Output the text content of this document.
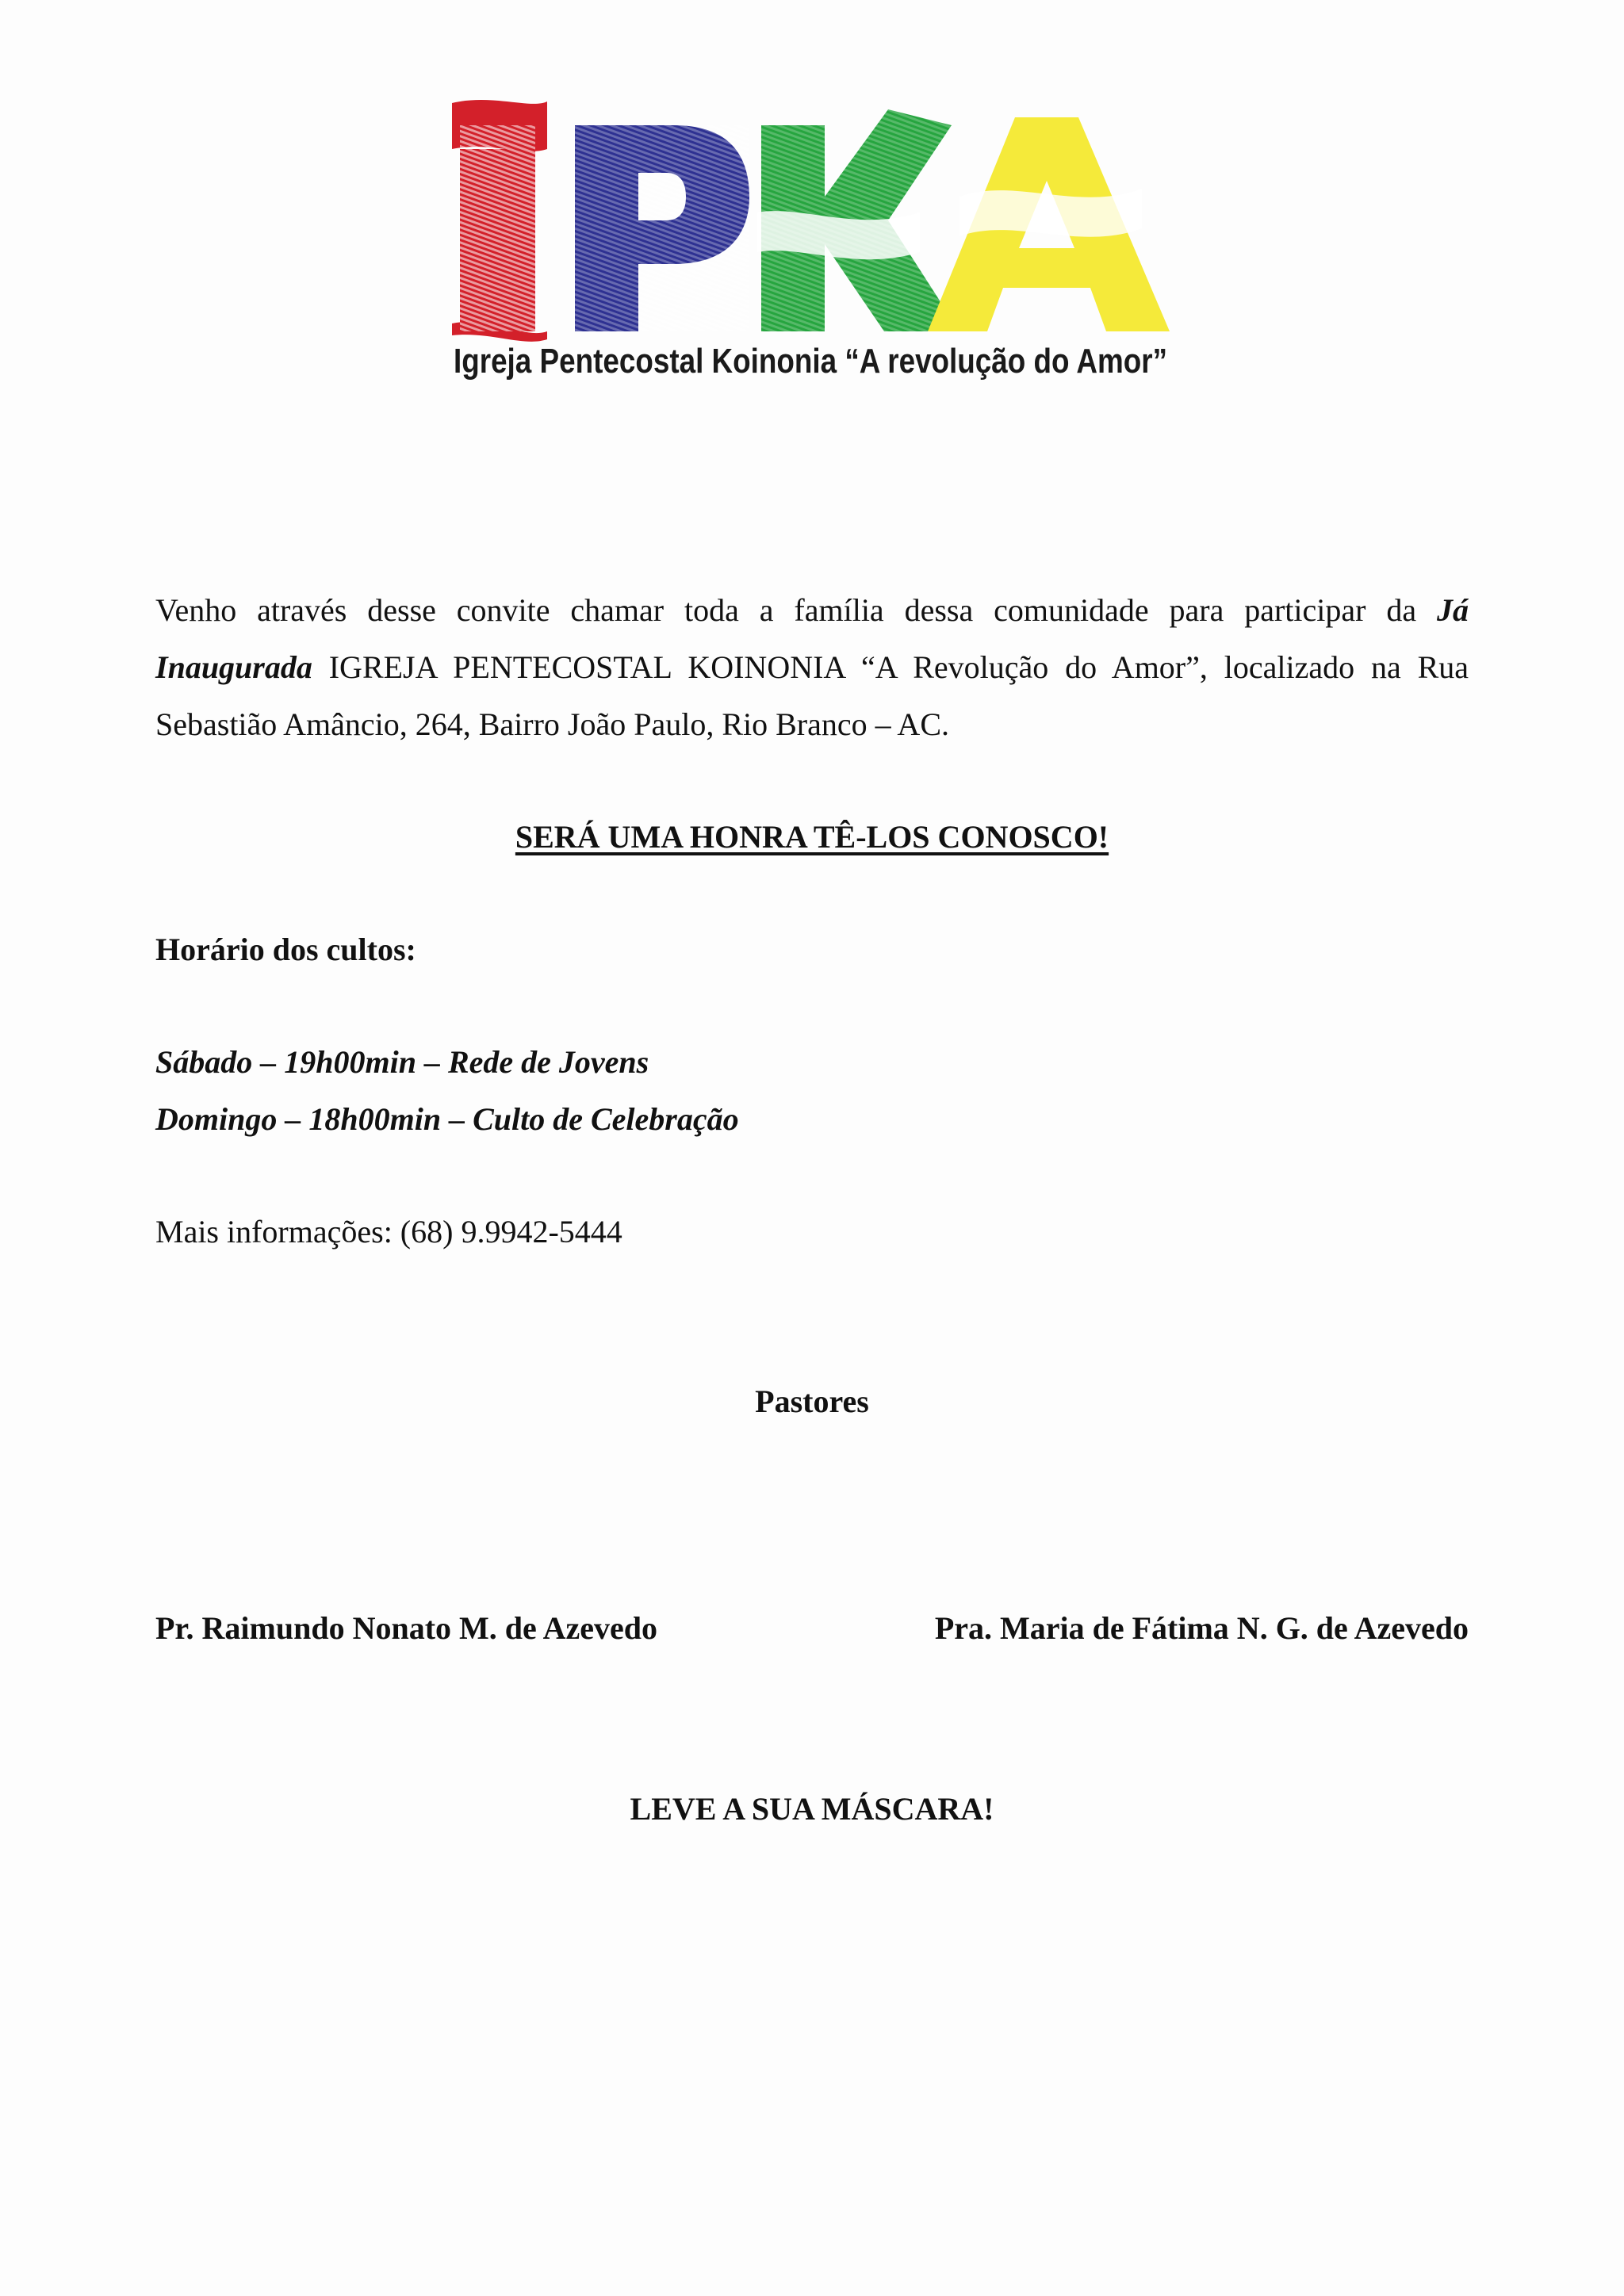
Igreja Pentecostal Koinonia “A revolução do Amor”
Venho através desse convite chamar toda a família dessa comunidade para participar da Já Inaugurada IGREJA PENTECOSTAL KOINONIA “A Revolução do Amor”, localizado na Rua Sebastião Amâncio, 264, Bairro João Paulo, Rio Branco – AC.
SERÁ UMA HONRA TÊ-LOS CONOSCO!
Horário dos cultos:
Sábado – 19h00min – Rede de Jovens
Domingo – 18h00min – Culto de Celebração
Mais informações: (68) 9.9942-5444
Pastores
Pr. Raimundo Nonato M. de Azevedo	Pra. Maria de Fátima N. G. de Azevedo
LEVE A SUA MÁSCARA!
